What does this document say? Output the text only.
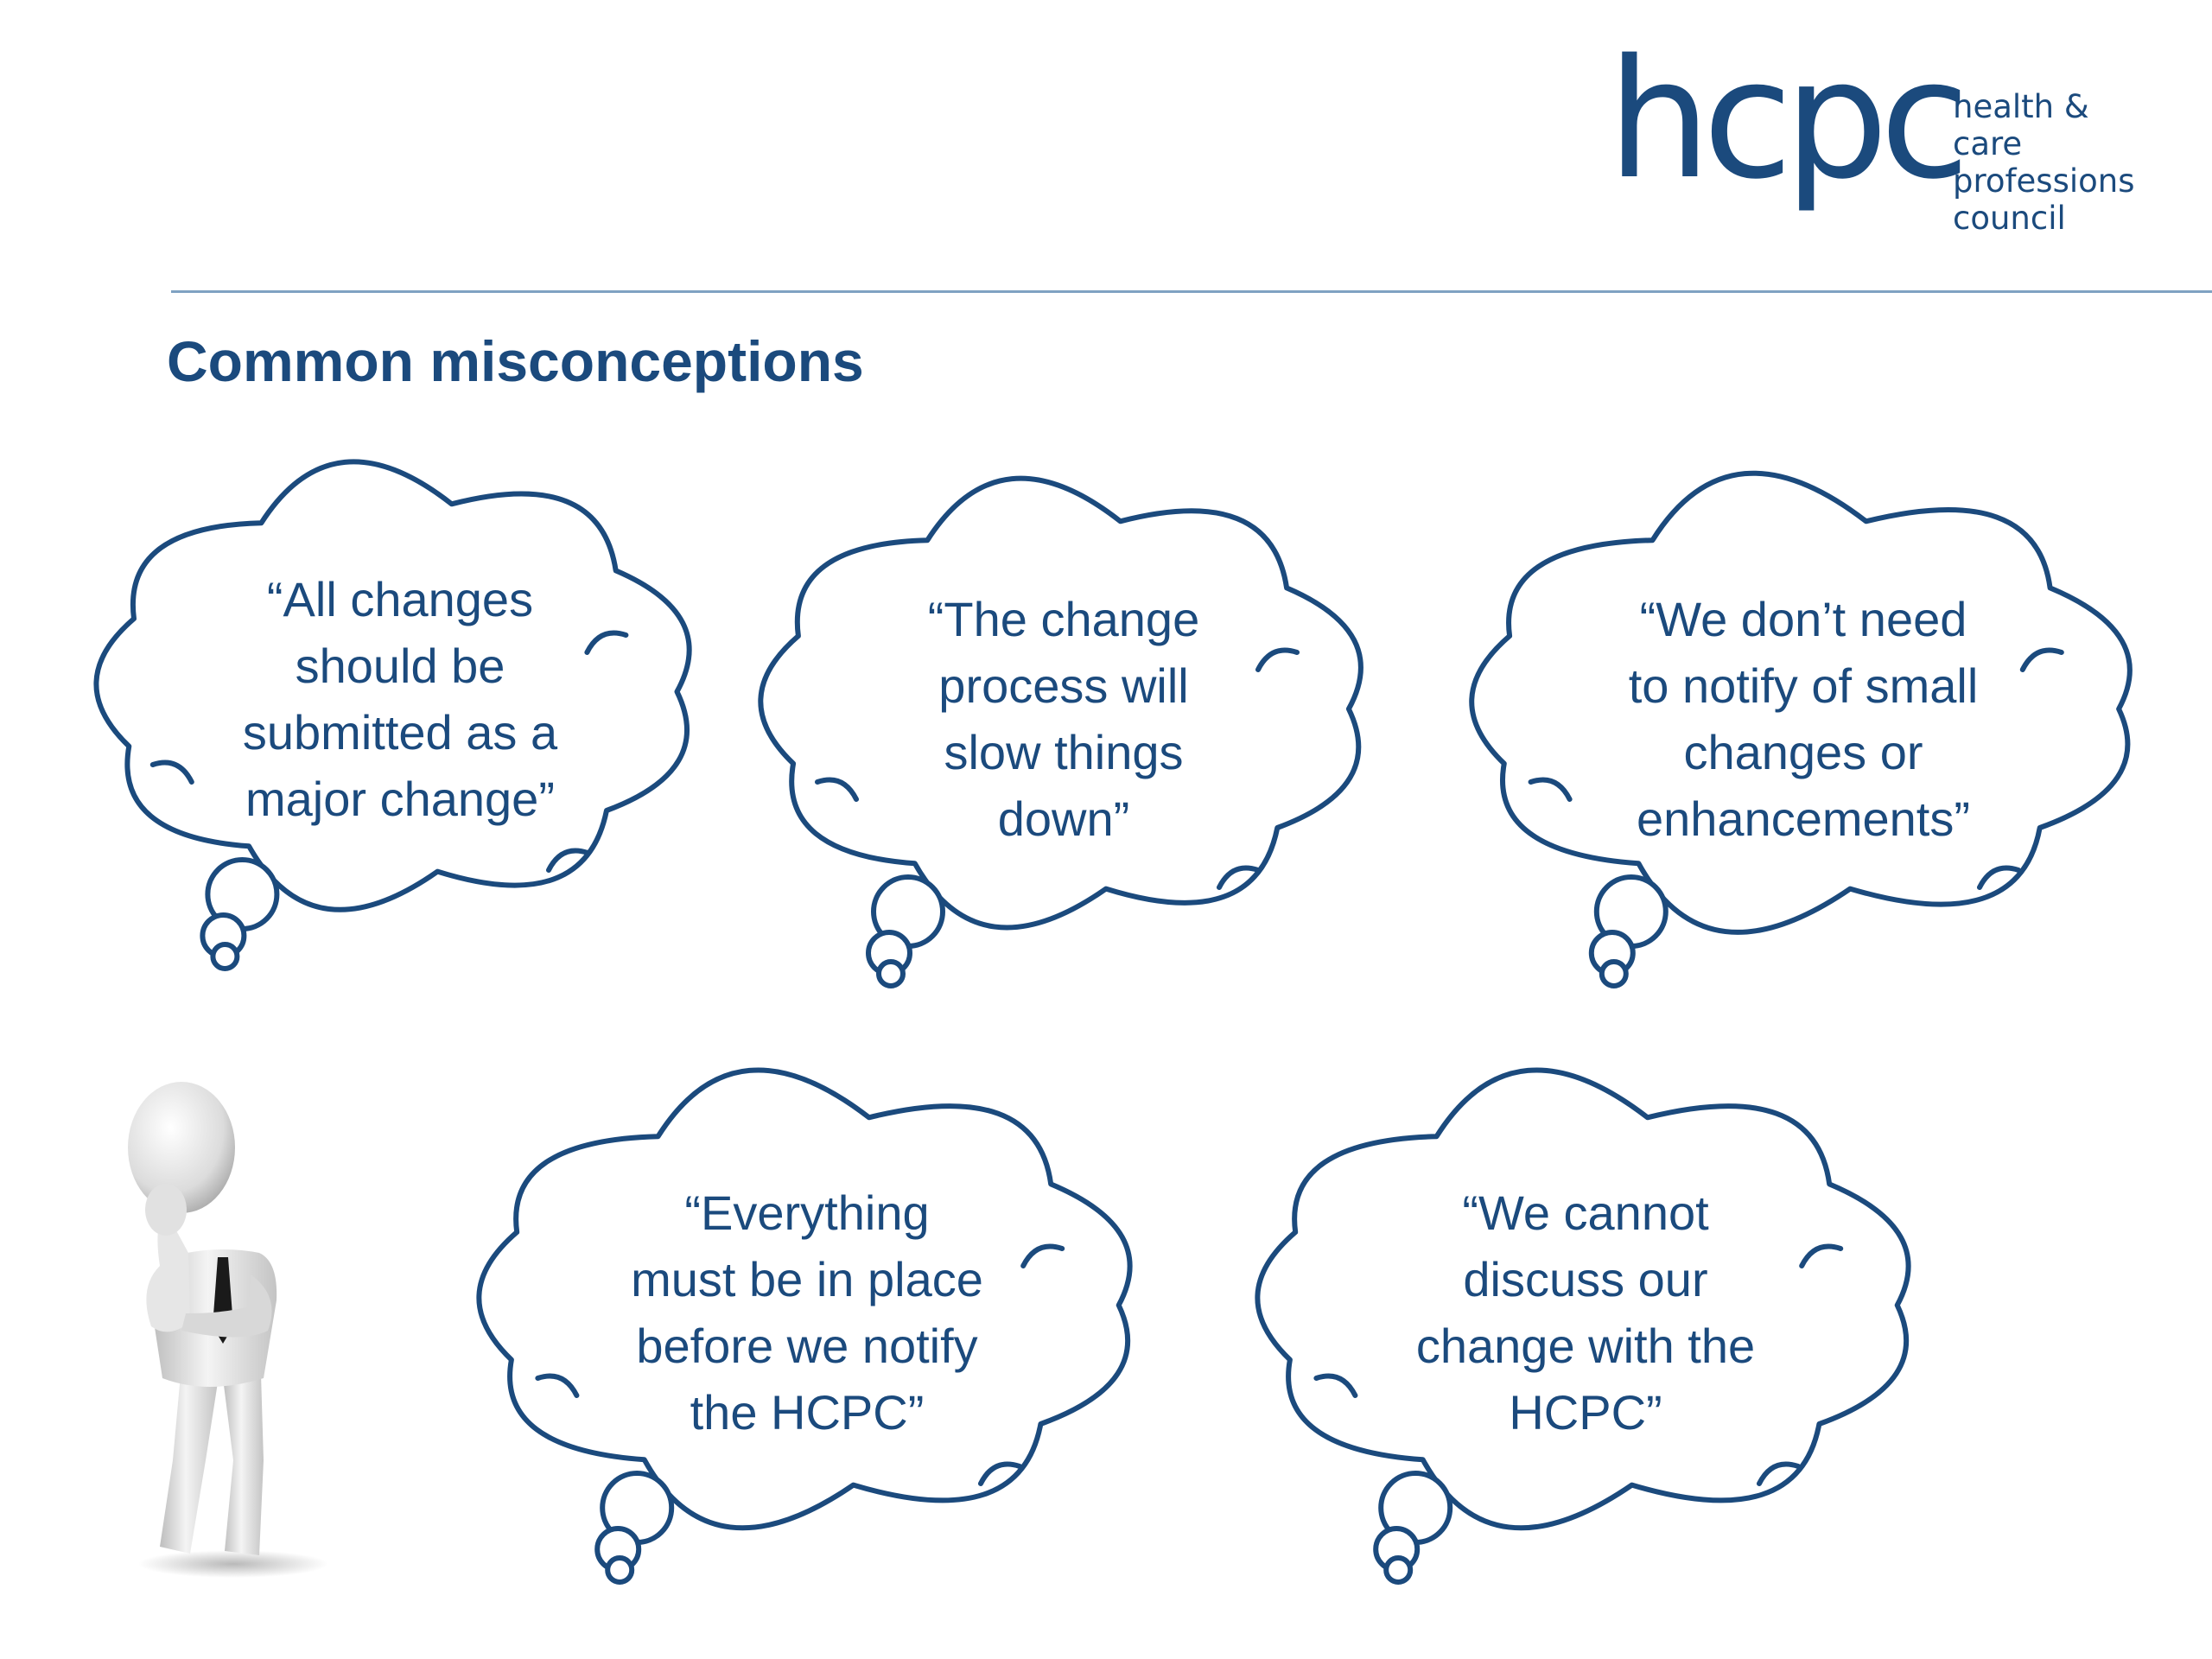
hcpc
health & care
professions
council
Common misconceptions
“All changes
should be
submitted as a
major change”
“The change
process will
slow things
down”
“We don’t need
to notify of small
changes or
enhancements”
“Everything
must be in place
before we notify
the HCPC”
“We cannot
discuss our
change with the
HCPC”
